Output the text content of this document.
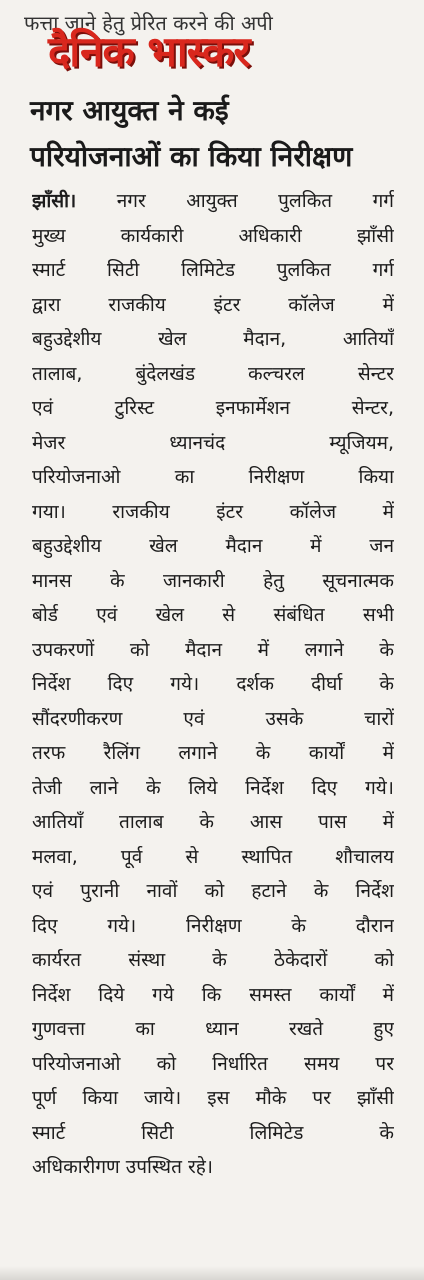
फत्ता जाने हेतु प्रेरित करने की अपी
दैनिक भास्कर
नगर आयुक्त ने कई
परियोजनाओं का किया निरीक्षण
झाँसी। नगर आयुक्त पुलकित गर्ग
मुख्य कार्यकारी अधिकारी झाँसी
स्मार्ट सिटी लिमिटेड पुलकित गर्ग
द्वारा राजकीय इंटर कॉलेज में
बहुउद्देशीय खेल मैदान, आतियाँ
तालाब, बुंदेलखंड कल्चरल सेन्टर
एवं टुरिस्ट इनफार्मेशन सेन्टर,
मेजर ध्यानचंद म्यूजियम,
परियोजनाओ का निरीक्षण किया
गया। राजकीय इंटर कॉलेज में
बहुउद्देशीय खेल मैदान में जन
मानस के जानकारी हेतु सूचनात्मक
बोर्ड एवं खेल से संबंधित सभी
उपकरणों को मैदान में लगाने के
निर्देश दिए गये। दर्शक दीर्घा के
सौंदरणीकरण एवं उसके चारों
तरफ रैलिंग लगाने के कार्यों में
तेजी लाने के लिये निर्देश दिए गये।
आतियाँ तालाब के आस पास में
मलवा, पूर्व से स्थापित शौचालय
एवं पुरानी नावों को हटाने के निर्देश
दिए गये। निरीक्षण के दौरान
कार्यरत संस्था के ठेकेदारों को
निर्देश दिये गये कि समस्त कार्यों में
गुणवत्ता का ध्यान रखते हुए
परियोजनाओ को निर्धारित समय पर
पूर्ण किया जाये। इस मौके पर झाँसी
स्मार्ट सिटी लिमिटेड के
अधिकारीगण उपस्थित रहे।
